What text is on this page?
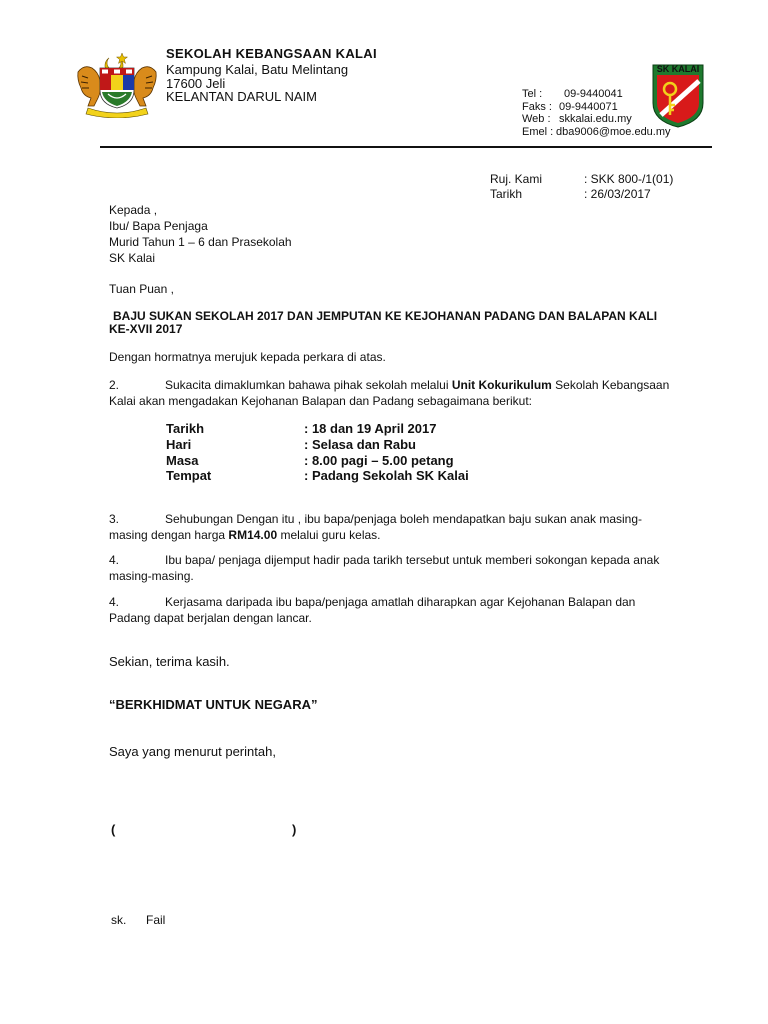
SEKOLAH KEBANGSAAN KALAI
Kampung Kalai, Batu Melintang
17600 Jeli
KELANTAN DARUL NAIM	Tel : 09-9440041
Faks : 09-9440071
Web : skkalai.edu.my
Emel : dba9006@moe.edu.my
SK KALAI
Ruj. Kami	: SKK 800-/1(01)
Tarikh	: 26/03/2017
Kepada ,
Ibu/ Bapa Penjaga
Murid Tahun 1 – 6 dan Prasekolah
SK Kalai
Tuan Puan ,
BAJU SUKAN SEKOLAH 2017 DAN JEMPUTAN KE KEJOHANAN PADANG DAN BALAPAN KALI
KE-XVII 2017
Dengan hormatnya merujuk kepada perkara di atas.
2.	Sukacita dimaklumkan bahawa pihak sekolah melalui Unit Kokurikulum Sekolah Kebangsaan
Kalai akan mengadakan Kejohanan Balapan dan Padang sebagaimana berikut:
Tarikh	: 18 dan 19 April 2017
Hari	: Selasa dan Rabu
Masa	: 8.00 pagi – 5.00 petang
Tempat	: Padang Sekolah SK Kalai
3.	Sehubungan Dengan itu , ibu bapa/penjaga boleh mendapatkan baju sukan anak masing-
masing dengan harga RM14.00 melalui guru kelas.
4.	Ibu bapa/ penjaga dijemput hadir pada tarikh tersebut untuk memberi sokongan kepada anak
masing-masing.
4.	Kerjasama daripada ibu bapa/penjaga amatlah diharapkan agar Kejohanan Balapan dan
Padang dapat berjalan dengan lancar.
Sekian, terima kasih.
“BERKHIDMAT UNTUK NEGARA”
Saya yang menurut perintah,
(	)
sk. Fail
